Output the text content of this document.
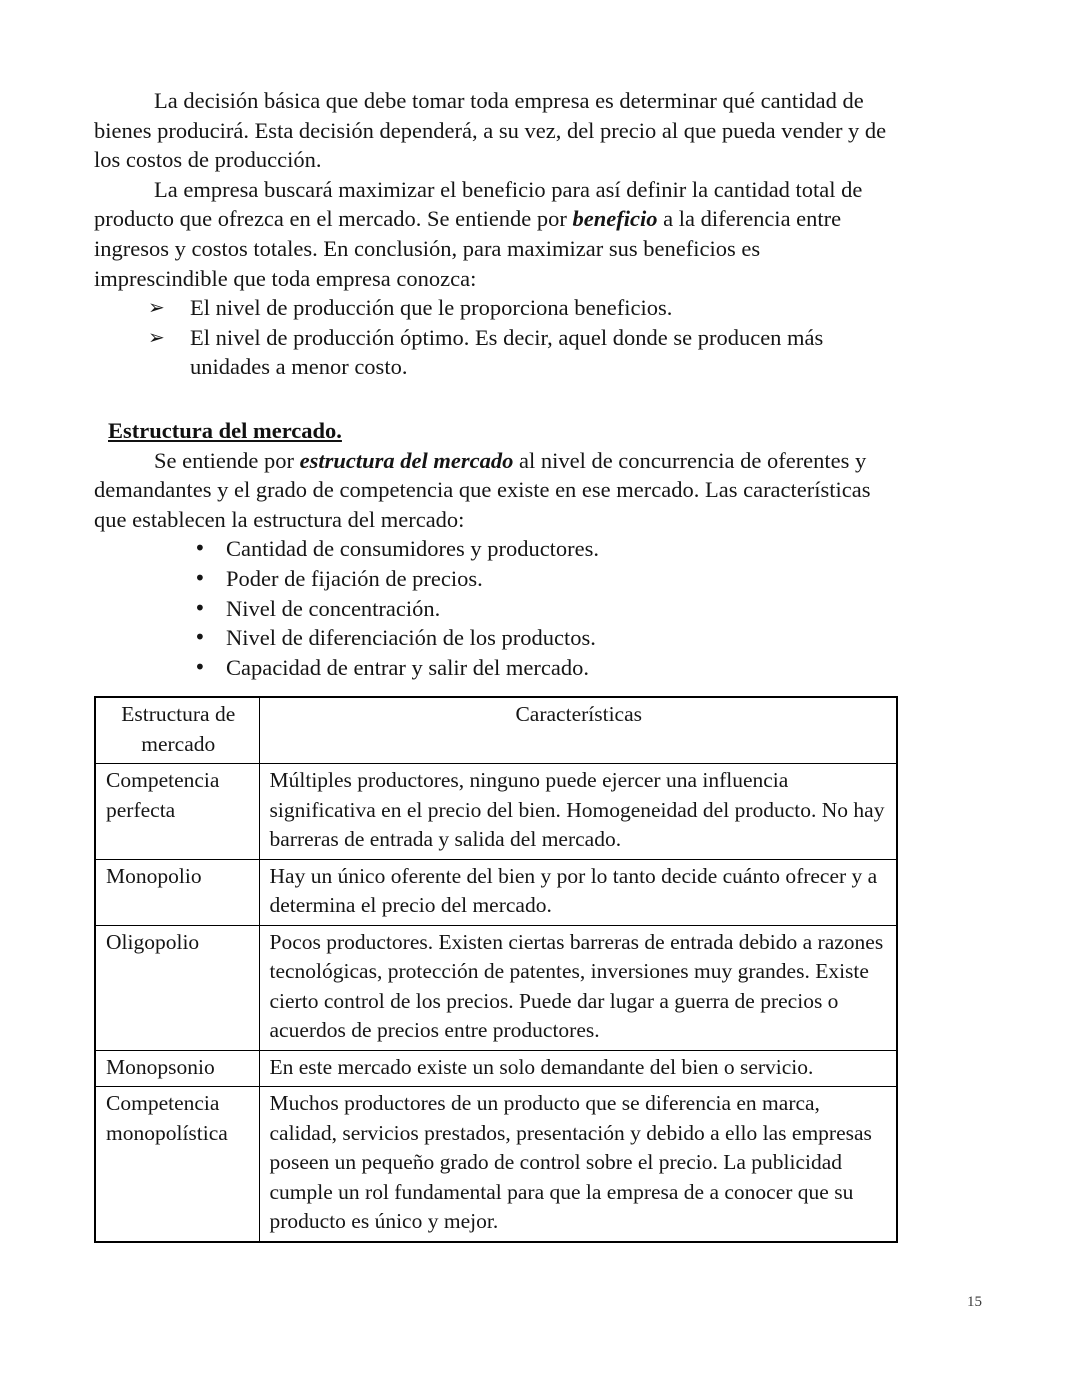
La decisión básica que debe tomar toda empresa es determinar qué cantidad de bienes producirá. Esta decisión dependerá, a su vez, del precio al que pueda vender y de los costos de producción.

La empresa buscará maximizar el beneficio para así definir la cantidad total de producto que ofrezca en el mercado. Se entiende por beneficio a la diferencia entre ingresos y costos totales. En conclusión, para maximizar sus beneficios es imprescindible que toda empresa conozca:

➢ El nivel de producción que le proporciona beneficios.
➢ El nivel de producción óptimo. Es decir, aquel donde se producen más unidades a menor costo.
Estructura del mercado.

Se entiende por estructura del mercado al nivel de concurrencia de oferentes y demandantes y el grado de competencia que existe en ese mercado. Las características que establecen la estructura del mercado:

• Cantidad de consumidores y productores.
• Poder de fijación de precios.
• Nivel de concentración.
• Nivel de diferenciación de los productos.
• Capacidad de entrar y salir del mercado.
Estructura de mercado	Características
Competencia perfecta	Múltiples productores, ninguno puede ejercer una influencia significativa en el precio del bien. Homogeneidad del producto. No hay barreras de entrada y salida del mercado.
Monopolio	Hay un único oferente del bien y por lo tanto decide cuánto ofrecer y a determina el precio del mercado.
Oligopolio	Pocos productores. Existen ciertas barreras de entrada debido a razones tecnológicas, protección de patentes, inversiones muy grandes. Existe cierto control de los precios. Puede dar lugar a guerra de precios o acuerdos de precios entre productores.
Monopsonio	En este mercado existe un solo demandante del bien o servicio.
Competencia monopolística	Muchos productores de un producto que se diferencia en marca, calidad, servicios prestados, presentación y debido a ello las empresas poseen un pequeño grado de control sobre el precio. La publicidad cumple un rol fundamental para que la empresa de a conocer que su producto es único y mejor.
15
